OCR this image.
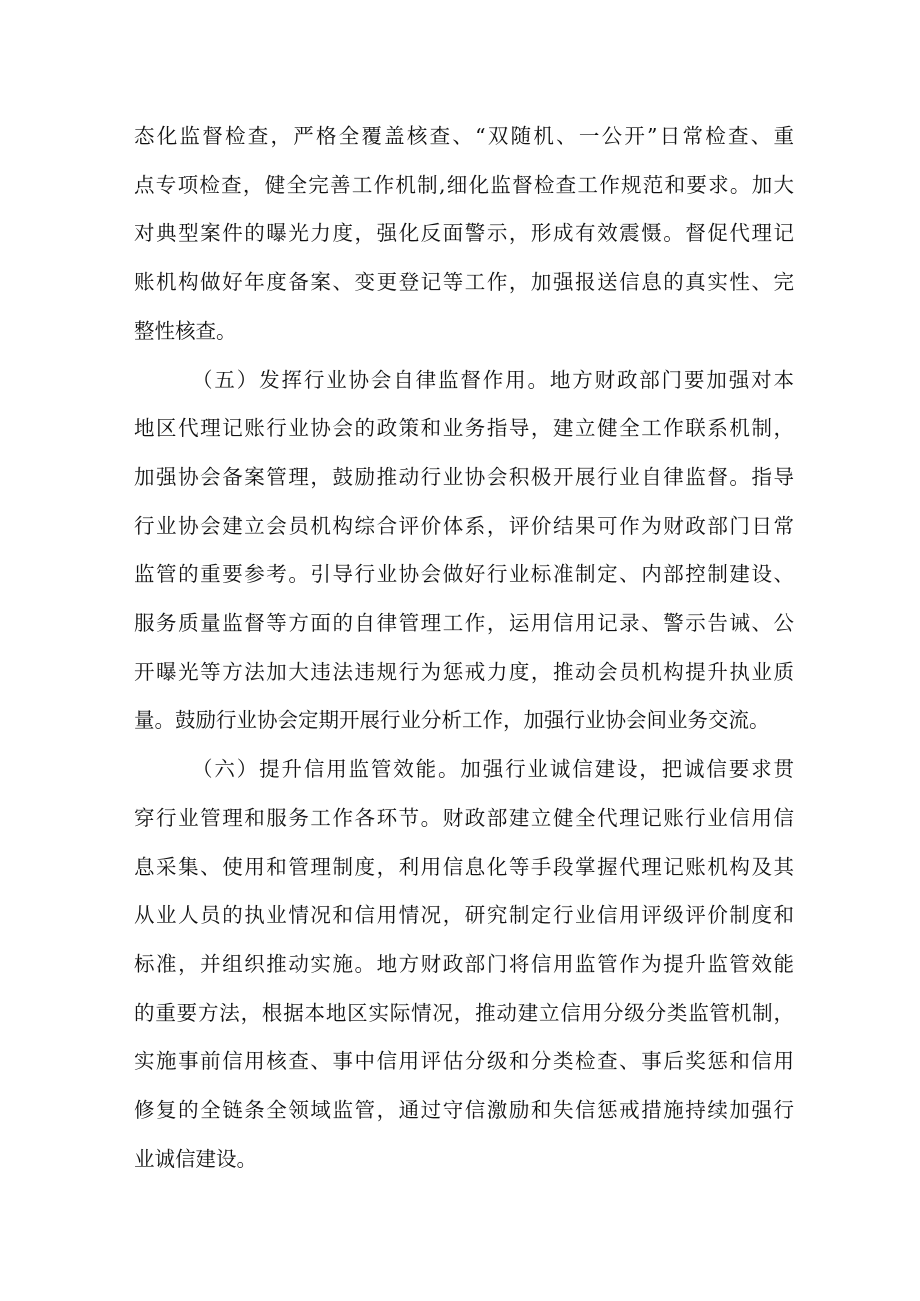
态化监督检查，严格全覆盖核查、“双随机、一公开”日常检查、重
点专项检查，健全完善工作机制,细化监督检查工作规范和要求。加大
对典型案件的曝光力度，强化反面警示，形成有效震慑。督促代理记
账机构做好年度备案、变更登记等工作，加强报送信息的真实性、完
整性核查。
（五）发挥行业协会自律监督作用。地方财政部门要加强对本
地区代理记账行业协会的政策和业务指导，建立健全工作联系机制，
加强协会备案管理，鼓励推动行业协会积极开展行业自律监督。指导
行业协会建立会员机构综合评价体系，评价结果可作为财政部门日常
监管的重要参考。引导行业协会做好行业标准制定、内部控制建设、
服务质量监督等方面的自律管理工作，运用信用记录、警示告诫、公
开曝光等方法加大违法违规行为惩戒力度，推动会员机构提升执业质
量。鼓励行业协会定期开展行业分析工作，加强行业协会间业务交流。
（六）提升信用监管效能。加强行业诚信建设，把诚信要求贯
穿行业管理和服务工作各环节。财政部建立健全代理记账行业信用信
息采集、使用和管理制度，利用信息化等手段掌握代理记账机构及其
从业人员的执业情况和信用情况，研究制定行业信用评级评价制度和
标准，并组织推动实施。地方财政部门将信用监管作为提升监管效能
的重要方法，根据本地区实际情况，推动建立信用分级分类监管机制，
实施事前信用核查、事中信用评估分级和分类检查、事后奖惩和信用
修复的全链条全领域监管，通过守信激励和失信惩戒措施持续加强行
业诚信建设。
